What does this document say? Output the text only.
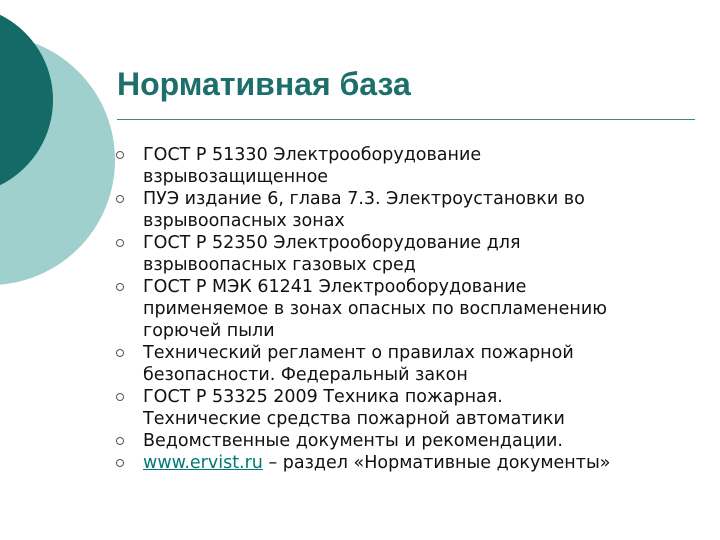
Нормативная база
ГОСТ Р 51330 Электрооборудование
взрывозащищенное
ПУЭ издание 6, глава 7.3. Электроустановки во
взрывоопасных зонах
ГОСТ Р 52350 Электрооборудование для
взрывоопасных газовых сред
ГОСТ Р МЭК 61241 Электрооборудование
применяемое в зонах опасных по воспламенению
горючей пыли
Технический регламент о правилах пожарной
безопасности. Федеральный закон
ГОСТ Р 53325 2009 Техника пожарная.
Технические средства пожарной автоматики
Ведомственные документы и рекомендации.
www.ervist.ru – раздел «Нормативные документы»
